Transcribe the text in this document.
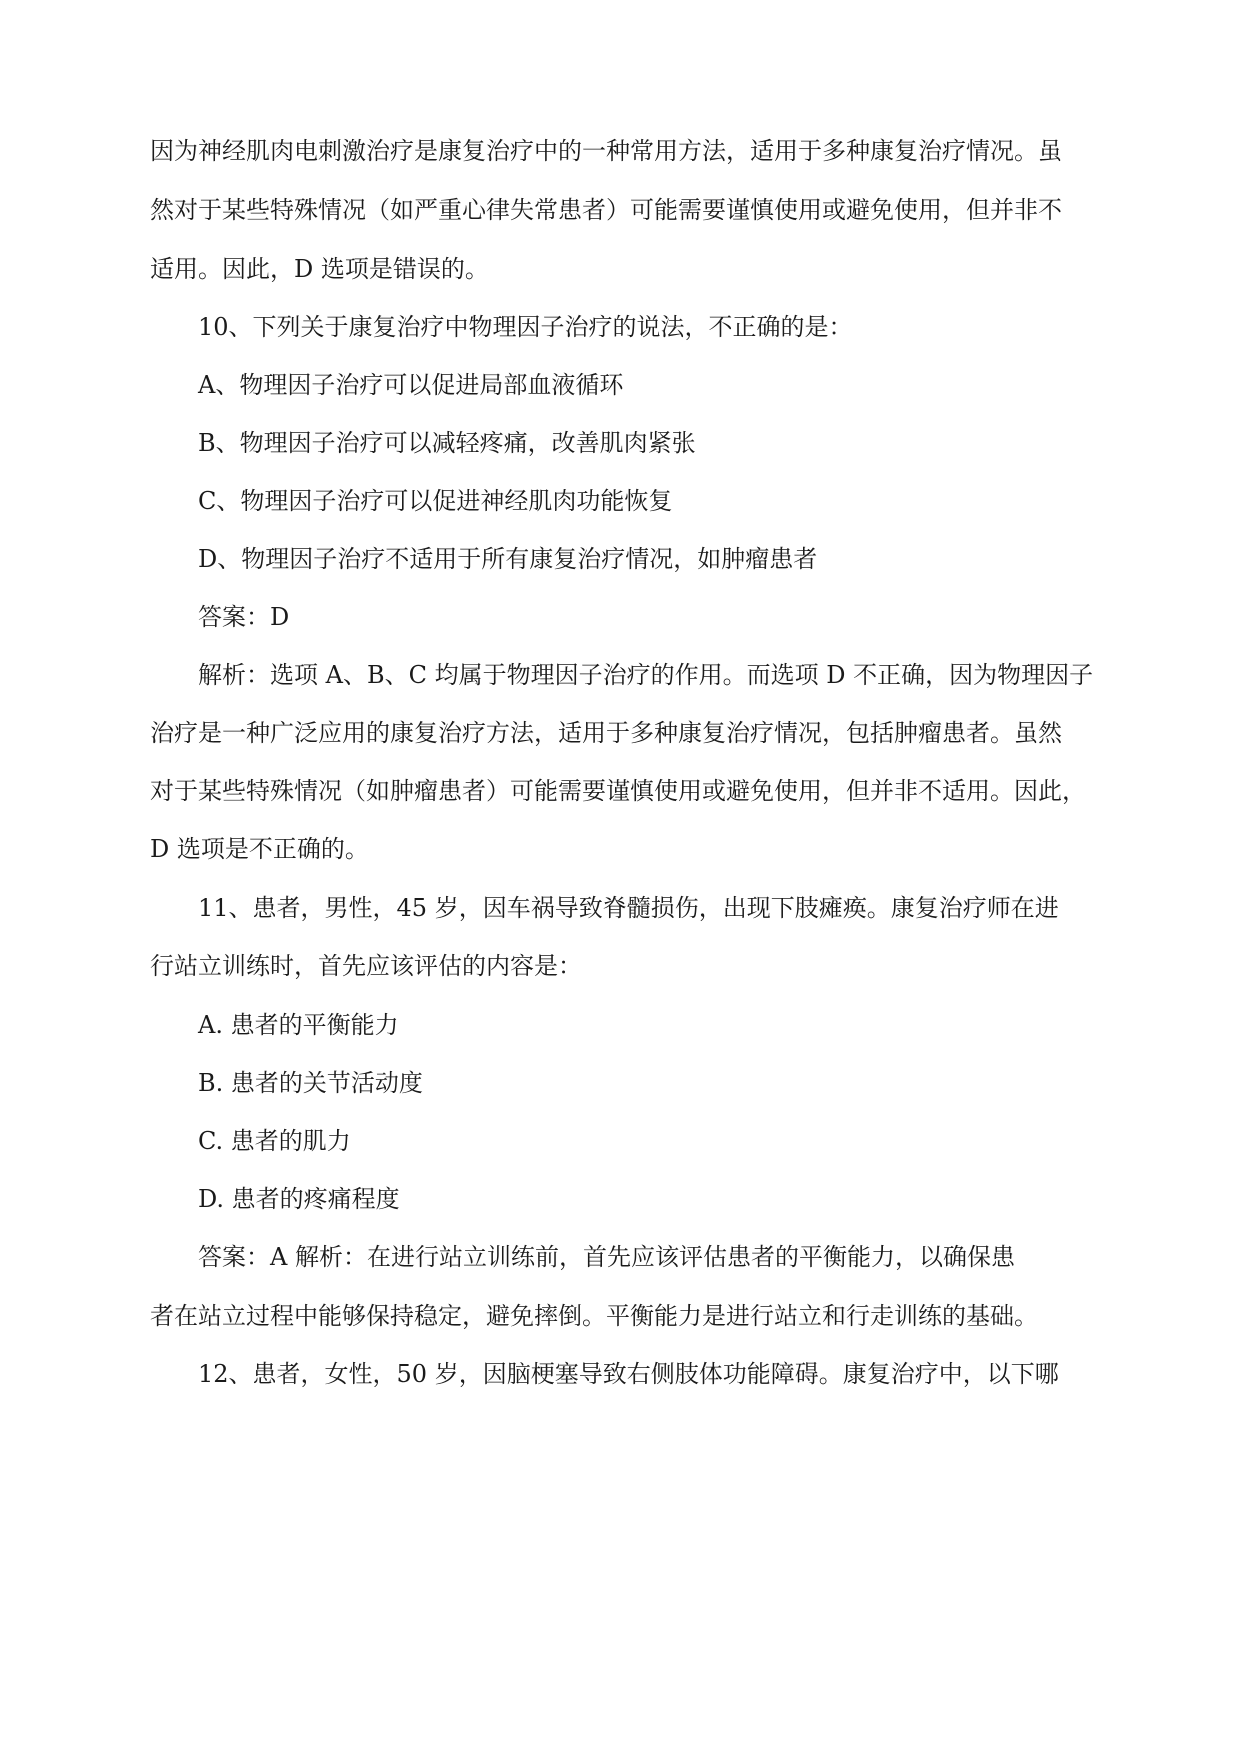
因为神经肌肉电刺激治疗是康复治疗中的一种常用方法，适用于多种康复治疗情况。虽
然对于某些特殊情况（如严重心律失常患者）可能需要谨慎使用或避免使用，但并非不
适用。因此，D 选项是错误的。
10、下列关于康复治疗中物理因子治疗的说法，不正确的是：
A、物理因子治疗可以促进局部血液循环
B、物理因子治疗可以减轻疼痛，改善肌肉紧张
C、物理因子治疗可以促进神经肌肉功能恢复
D、物理因子治疗不适用于所有康复治疗情况，如肿瘤患者
答案：D
解析：选项 A、B、C 均属于物理因子治疗的作用。而选项 D 不正确，因为物理因子
治疗是一种广泛应用的康复治疗方法，适用于多种康复治疗情况，包括肿瘤患者。虽然
对于某些特殊情况（如肿瘤患者）可能需要谨慎使用或避免使用，但并非不适用。因此，
D 选项是不正确的。
11、患者，男性，45 岁，因车祸导致脊髓损伤，出现下肢瘫痪。康复治疗师在进
行站立训练时，首先应该评估的内容是：
A. 患者的平衡能力
B. 患者的关节活动度
C. 患者的肌力
D. 患者的疼痛程度
答案：A 解析：在进行站立训练前，首先应该评估患者的平衡能力，以确保患
者在站立过程中能够保持稳定，避免摔倒。平衡能力是进行站立和行走训练的基础。
12、患者，女性，50 岁，因脑梗塞导致右侧肢体功能障碍。康复治疗中，以下哪
